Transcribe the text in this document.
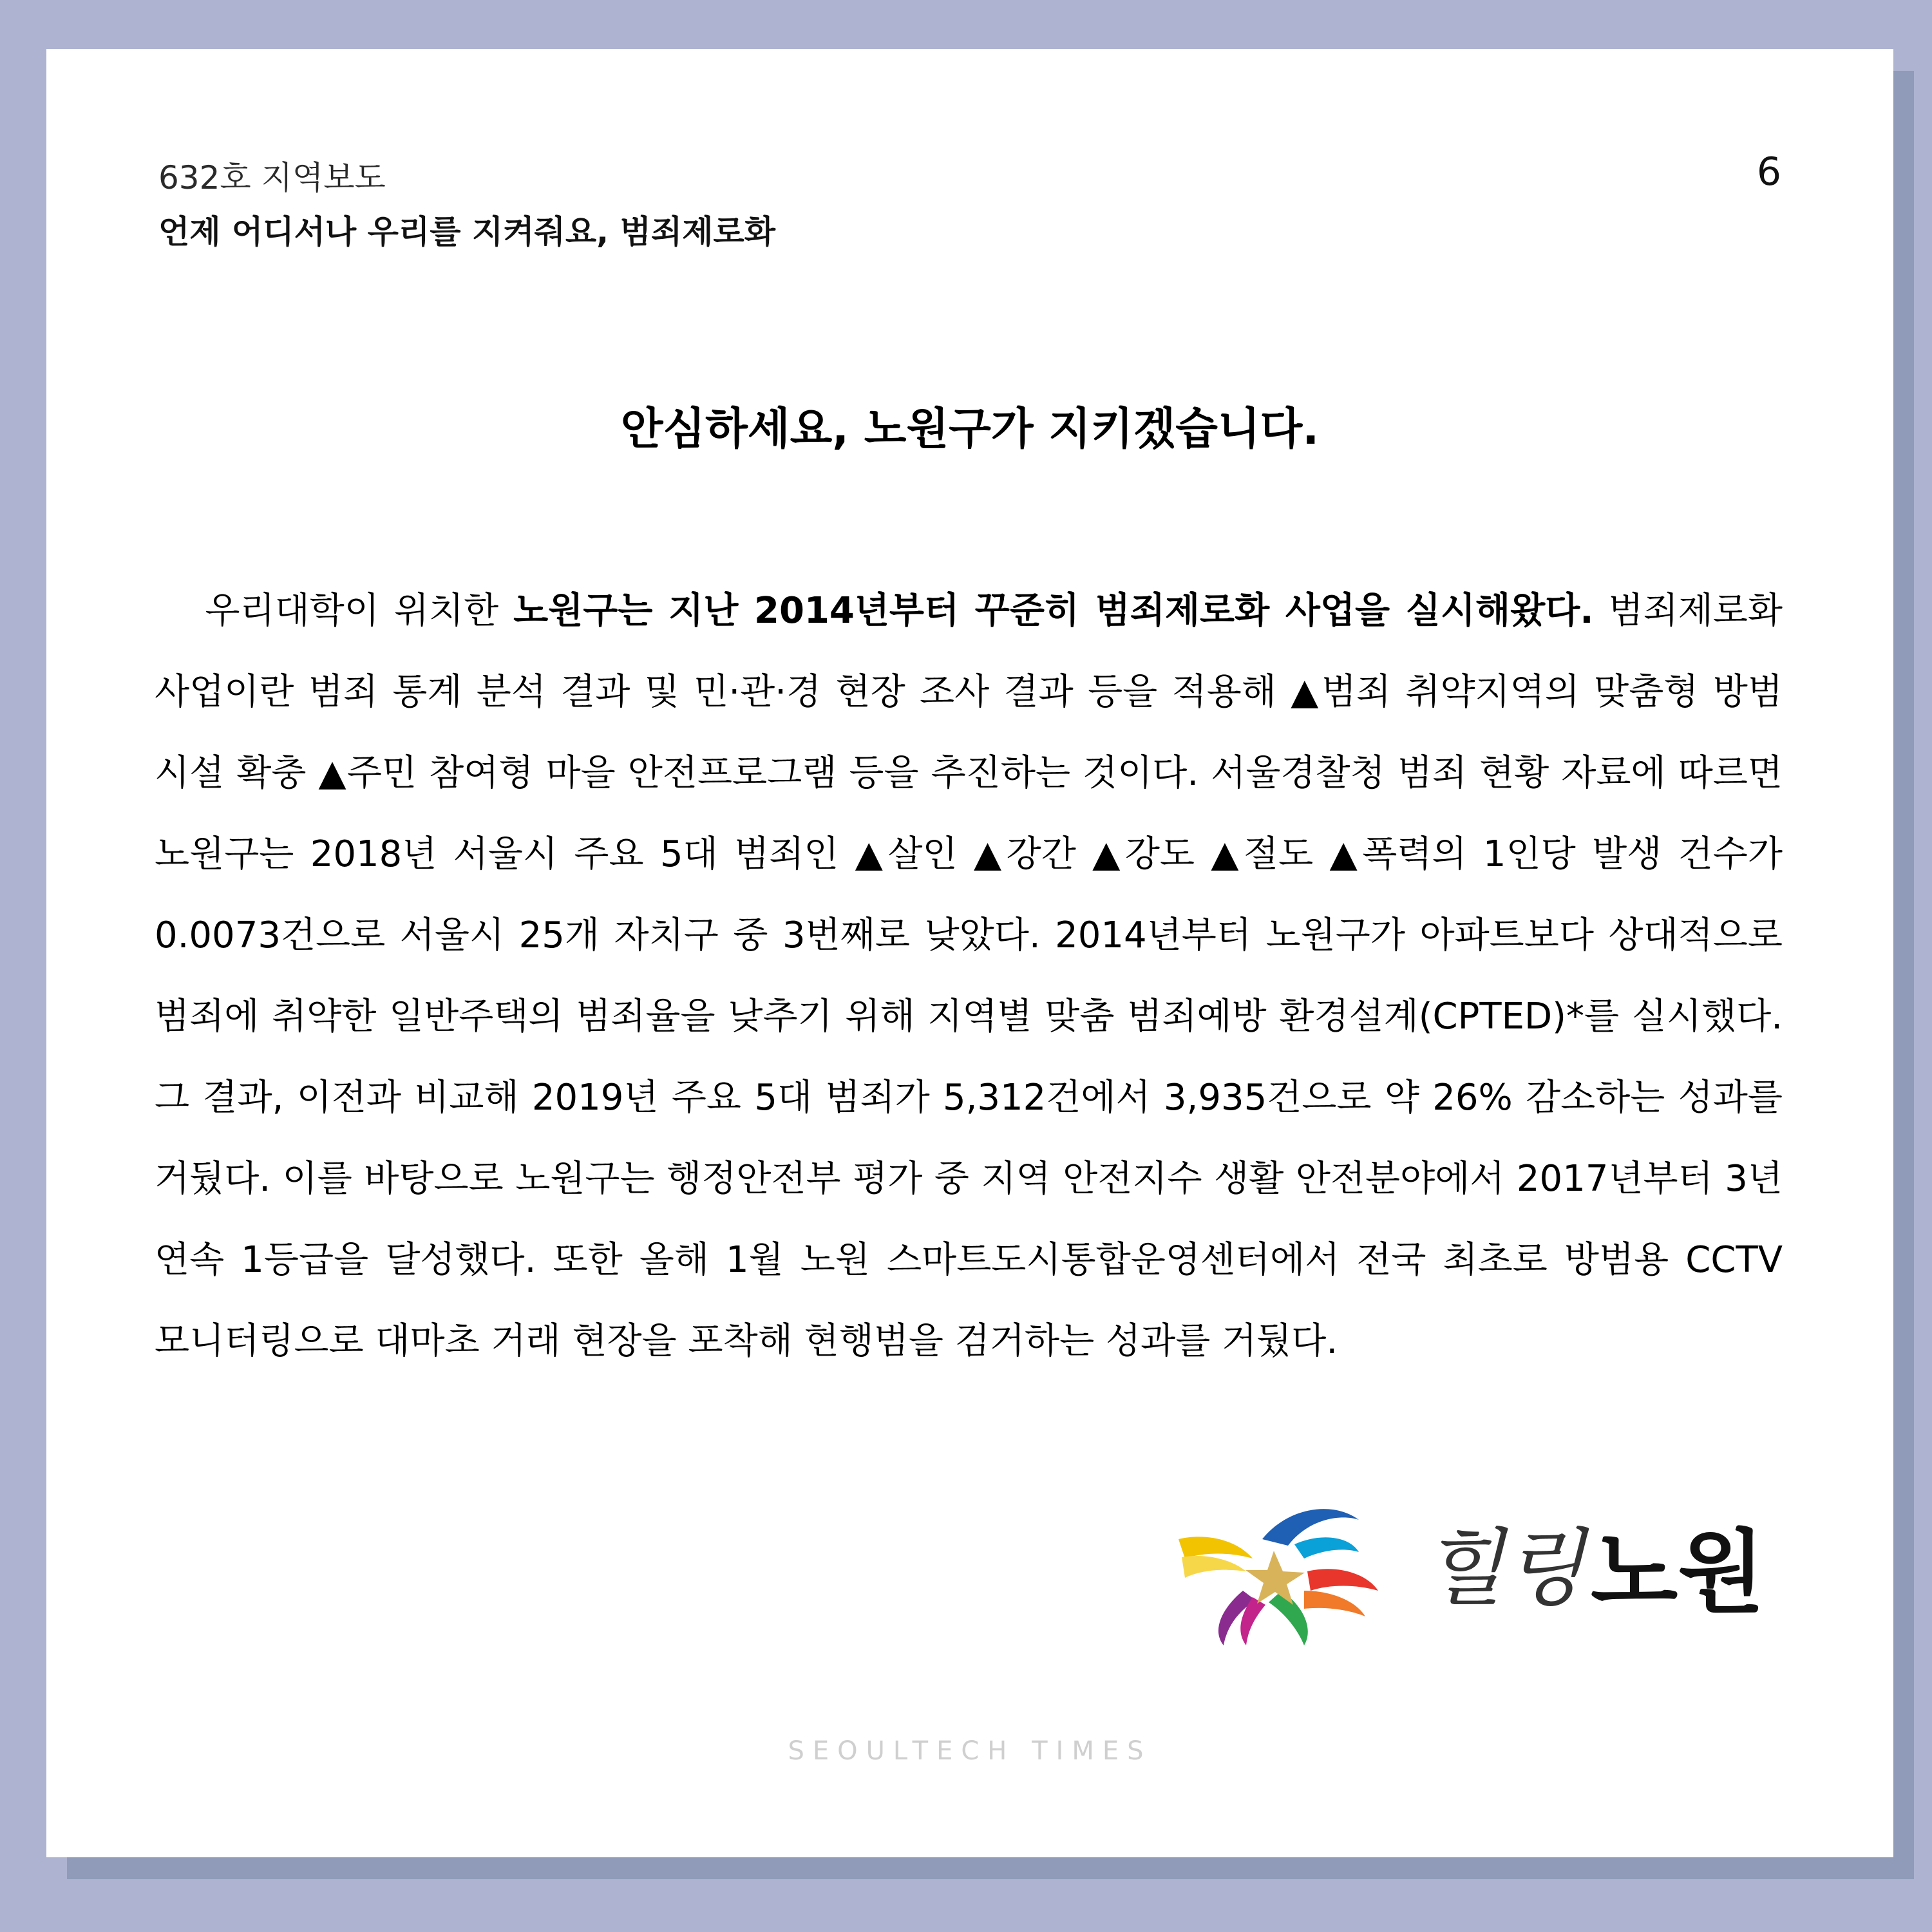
632호 지역보도
언제 어디서나 우리를 지켜줘요, 범죄제로화
6
안심하세요, 노원구가 지키겠습니다.
우리대학이 위치한 노원구는 지난 2014년부터 꾸준히 범죄제로화 사업을 실시해왔다. 범죄제로화 사업이란 범죄 통계 분석 결과 및 민·관·경 현장 조사 결과 등을 적용해 ▲범죄 취약지역의 맞춤형 방범 시설 확충 ▲주민 참여형 마을 안전프로그램 등을 추진하는 것이다. 서울경찰청 범죄 현황 자료에 따르면 노원구는 2018년 서울시 주요 5대 범죄인 ▲살인 ▲강간 ▲강도 ▲절도 ▲폭력의 1인당 발생 건수가 0.0073건으로 서울시 25개 자치구 중 3번째로 낮았다. 2014년부터 노원구가 아파트보다 상대적으로 범죄에 취약한 일반주택의 범죄율을 낮추기 위해 지역별 맞춤 범죄예방 환경설계(CPTED)*를 실시했다. 그 결과, 이전과 비교해 2019년 주요 5대 범죄가 5,312건에서 3,935건으로 약 26% 감소하는 성과를 거뒀다. 이를 바탕으로 노원구는 행정안전부 평가 중 지역 안전지수 생활 안전분야에서 2017년부터 3년 연속 1등급을 달성했다. 또한 올해 1월 노원 스마트도시통합운영센터에서 전국 최초로 방범용 CCTV 모니터링으로 대마초 거래 현장을 포착해 현행범을 검거하는 성과를 거뒀다.
힐링 노원
SEOULTECH TIMES
